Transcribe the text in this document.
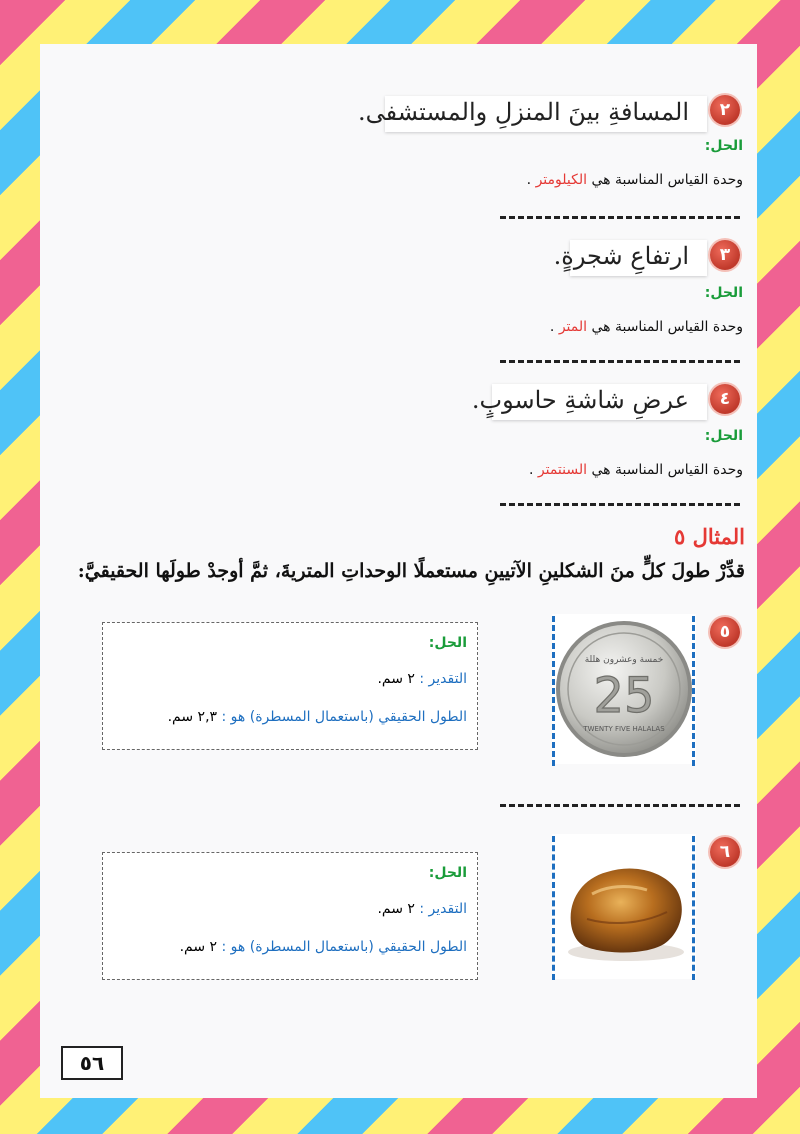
المسافةِ بينَ المنزلِ والمستشفى.	٢
الحل:
وحدة القياس المناسبة هي الكيلومتر .
ارتفاعِ شجرةٍ.	٣
الحل:
وحدة القياس المناسبة هي المتر .
عرضِ شاشةِ حاسوبٍ.	٤
الحل:
وحدة القياس المناسبة هي السنتمتر .
المثال ٥
قدِّرْ طولَ كلٍّ منَ الشكلينِ الآتيينِ مستعملًا الوحداتِ المتريةَ، ثمَّ أوجدْ طولَها الحقيقيَّ:
٥
خمسة وعشرون هللة
25
TWENTY FIVE HALALAS
الحل:
التقدير : ٢ سم.
الطول الحقيقي (باستعمال المسطرة) هو : ٢,٣ سم.
٦
الحل:
التقدير : ٢ سم.
الطول الحقيقي (باستعمال المسطرة) هو : ٢ سم.
٥٦
